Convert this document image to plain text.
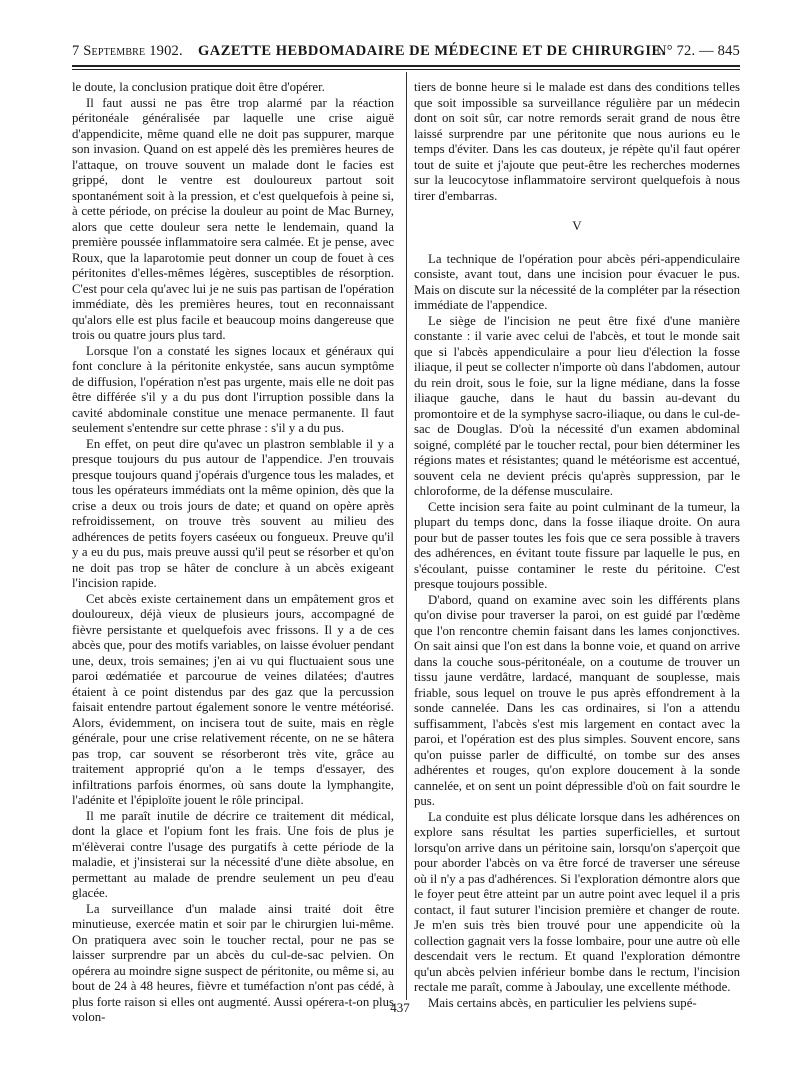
7 Septembre 1902. GAZETTE HEBDOMADAIRE DE MÉDECINE ET DE CHIRURGIE.
N° 72. — 845

le doute, la conclusion pratique doit être d'opérer.

Il faut aussi ne pas être trop alarmé par la réaction péritonéale généralisée par laquelle une crise aiguë d'appendicite, même quand elle ne doit pas suppurer, marque son invasion. Quand on est appelé dès les premières heures de l'attaque, on trouve souvent un malade dont le facies est grippé, dont le ventre est douloureux partout soit spontanément soit à la pression, et c'est quelquefois à peine si, à cette période, on précise la douleur au point de Mac Burney, alors que cette douleur sera nette le lendemain, quand la première poussée inflammatoire sera calmée. Et je pense, avec Roux, que la laparotomie peut donner un coup de fouet à ces péritonites d'elles-mêmes légères, susceptibles de résorption. C'est pour cela qu'avec lui je ne suis pas partisan de l'opération immédiate, dès les premières heures, tout en reconnaissant qu'alors elle est plus facile et beaucoup moins dangereuse que trois ou quatre jours plus tard.

Lorsque l'on a constaté les signes locaux et généraux qui font conclure à la péritonite enkystée, sans aucun symptôme de diffusion, l'opération n'est pas urgente, mais elle ne doit pas être différée s'il y a du pus dont l'irruption possible dans la cavité abdominale constitue une menace permanente. Il faut seulement s'entendre sur cette phrase : s'il y a du pus.

En effet, on peut dire qu'avec un plastron semblable il y a presque toujours du pus autour de l'appendice. J'en trouvais presque toujours quand j'opérais d'urgence tous les malades, et tous les opérateurs immédiats ont la même opinion, dès que la crise a deux ou trois jours de date; et quand on opère après refroidissement, on trouve très souvent au milieu des adhérences de petits foyers caséeux ou fongueux. Preuve qu'il y a eu du pus, mais preuve aussi qu'il peut se résorber et qu'on ne doit pas trop se hâter de conclure à un abcès exigeant l'incision rapide.

Cet abcès existe certainement dans un empâtement gros et douloureux, déjà vieux de plusieurs jours, accompagné de fièvre persistante et quelquefois avec frissons. Il y a de ces abcès que, pour des motifs variables, on laisse évoluer pendant une, deux, trois semaines; j'en ai vu qui fluctuaient sous une paroi œdématiée et parcourue de veines dilatées; d'autres étaient à ce point distendus par des gaz que la percussion faisait entendre partout également sonore le ventre météorisé. Alors, évidemment, on incisera tout de suite, mais en règle générale, pour une crise relativement récente, on ne se hâtera pas trop, car souvent se résorberont très vite, grâce au traitement approprié qu'on a le temps d'essayer, des infiltrations parfois énormes, où sans doute la lymphangite, l'adénite et l'épiploïte jouent le rôle principal.

Il me paraît inutile de décrire ce traitement dit médical, dont la glace et l'opium font les frais. Une fois de plus je m'élèverai contre l'usage des purgatifs à cette période de la maladie, et j'insisterai sur la nécessité d'une diète absolue, en permettant au malade de prendre seulement un peu d'eau glacée.

La surveillance d'un malade ainsi traité doit être minutieuse, exercée matin et soir par le chirurgien lui-même. On pratiquera avec soin le toucher rectal, pour ne pas se laisser surprendre par un abcès du cul-de-sac pelvien. On opérera au moindre signe suspect de péritonite, ou même si, au bout de 24 à 48 heures, fièvre et tuméfaction n'ont pas cédé, à plus forte raison si elles ont augmenté. Aussi opérera-t-on plus volon-

tiers de bonne heure si le malade est dans des conditions telles que soit impossible sa surveillance régulière par un médecin dont on soit sûr, car notre remords serait grand de nous être laissé surprendre par une péritonite que nous aurions eu le temps d'éviter. Dans les cas douteux, je répète qu'il faut opérer tout de suite et j'ajoute que peut-être les recherches modernes sur la leucocytose inflammatoire serviront quelquefois à nous tirer d'embarras.

V

La technique de l'opération pour abcès péri-appendiculaire consiste, avant tout, dans une incision pour évacuer le pus. Mais on discute sur la nécessité de la compléter par la résection immédiate de l'appendice.

Le siège de l'incision ne peut être fixé d'une manière constante : il varie avec celui de l'abcès, et tout le monde sait que si l'abcès appendiculaire a pour lieu d'élection la fosse iliaque, il peut se collecter n'importe où dans l'abdomen, autour du rein droit, sous le foie, sur la ligne médiane, dans la fosse iliaque gauche, dans le haut du bassin au-devant du promontoire et de la symphyse sacro-iliaque, ou dans le cul-de-sac de Douglas. D'où la nécessité d'un examen abdominal soigné, complété par le toucher rectal, pour bien déterminer les régions mates et résistantes; quand le météorisme est accentué, souvent cela ne devient précis qu'après suppression, par le chloroforme, de la défense musculaire.

Cette incision sera faite au point culminant de la tumeur, la plupart du temps donc, dans la fosse iliaque droite. On aura pour but de passer toutes les fois que ce sera possible à travers des adhérences, en évitant toute fissure par laquelle le pus, en s'écoulant, puisse contaminer le reste du péritoine. C'est presque toujours possible.

D'abord, quand on examine avec soin les différents plans qu'on divise pour traverser la paroi, on est guidé par l'œdème que l'on rencontre chemin faisant dans les lames conjonctives. On sait ainsi que l'on est dans la bonne voie, et quand on arrive dans la couche sous-péritonéale, on a coutume de trouver un tissu jaune verdâtre, lardacé, manquant de souplesse, mais friable, sous lequel on trouve le pus après effondrement à la sonde cannelée. Dans les cas ordinaires, si l'on a attendu suffisamment, l'abcès s'est mis largement en contact avec la paroi, et l'opération est des plus simples. Souvent encore, sans qu'on puisse parler de difficulté, on tombe sur des anses adhérentes et rouges, qu'on explore doucement à la sonde cannelée, et on sent un point dépressible d'où on fait sourdre le pus.

La conduite est plus délicate lorsque dans les adhérences on explore sans résultat les parties superficielles, et surtout lorsqu'on arrive dans un péritoine sain, lorsqu'on s'aperçoit que pour aborder l'abcès on va être forcé de traverser une séreuse où il n'y a pas d'adhérences. Si l'exploration démontre alors que le foyer peut être atteint par un autre point avec lequel il a pris contact, il faut suturer l'incision première et changer de route. Je m'en suis très bien trouvé pour une appendicite où la collection gagnait vers la fosse lombaire, pour une autre où elle descendait vers le rectum. Et quand l'exploration démontre qu'un abcès pelvien inférieur bombe dans le rectum, l'incision rectale me paraît, comme à Jaboulay, une excellente méthode.

Mais certains abcès, en particulier les pelviens supé-

437
